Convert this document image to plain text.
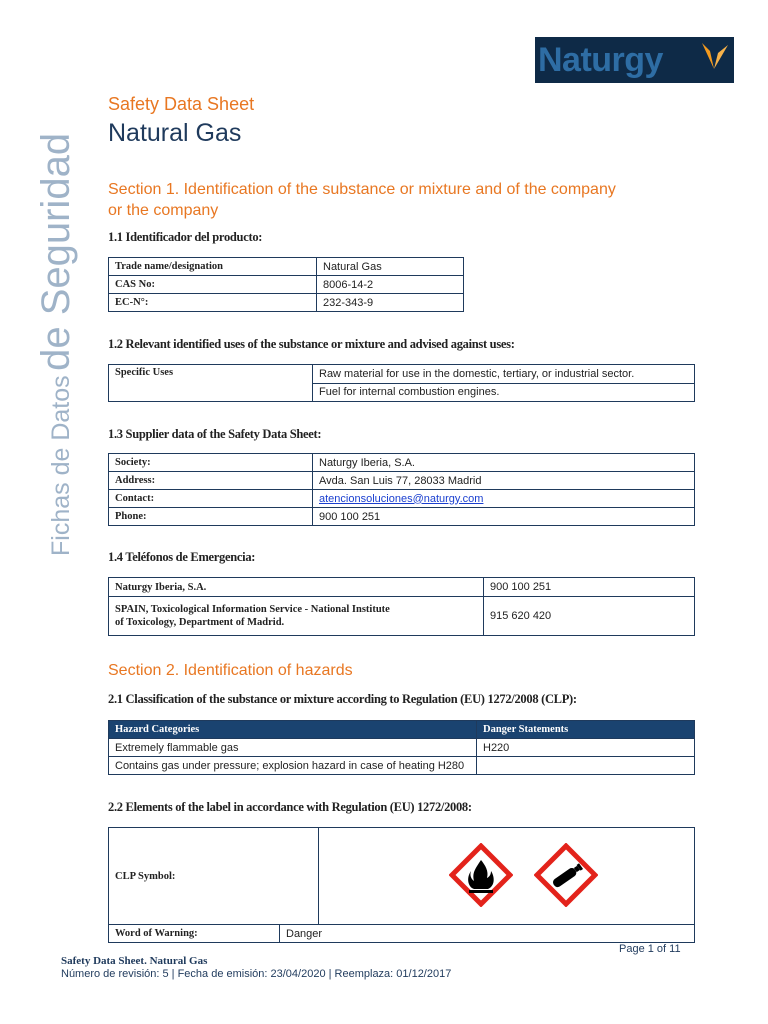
Naturgy
Fichas de Datos de Seguridad
Safety Data Sheet
Natural Gas
Section 1. Identification of the substance or mixture and of the company
or the company
1.1 Identificador del producto:
Trade name/designation	Natural Gas
CAS No:	8006-14-2
EC-N°:	232-343-9
1.2 Relevant identified uses of the substance or mixture and advised against uses:
Specific Uses	Raw material for use in the domestic, tertiary, or industrial sector.
Fuel for internal combustion engines.
1.3 Supplier data of the Safety Data Sheet:
Society:	Naturgy Iberia, S.A.
Address:	Avda. San Luis 77, 28033 Madrid
Contact:	atencionsoluciones@naturgy.com
Phone:	900 100 251
1.4 Teléfonos de Emergencia:
Naturgy Iberia, S.A.	900 100 251
SPAIN, Toxicological Information Service - National Institute
of Toxicology, Department of Madrid.	915 620 420
Section 2. Identification of hazards
2.1 Classification of the substance or mixture according to Regulation (EU) 1272/2008 (CLP):
Hazard Categories	Danger Statements
Extremely flammable gas	H220
Contains gas under pressure; explosion hazard in case of heating H280	
2.2 Elements of the label in accordance with Regulation (EU) 1272/2008:
CLP Symbol:	
Word of Warning:	Danger	
Page 1 of 11
Safety Data Sheet. Natural Gas
Número de revisión: 5 | Fecha de emisión: 23/04/2020 | Reemplaza: 01/12/2017
